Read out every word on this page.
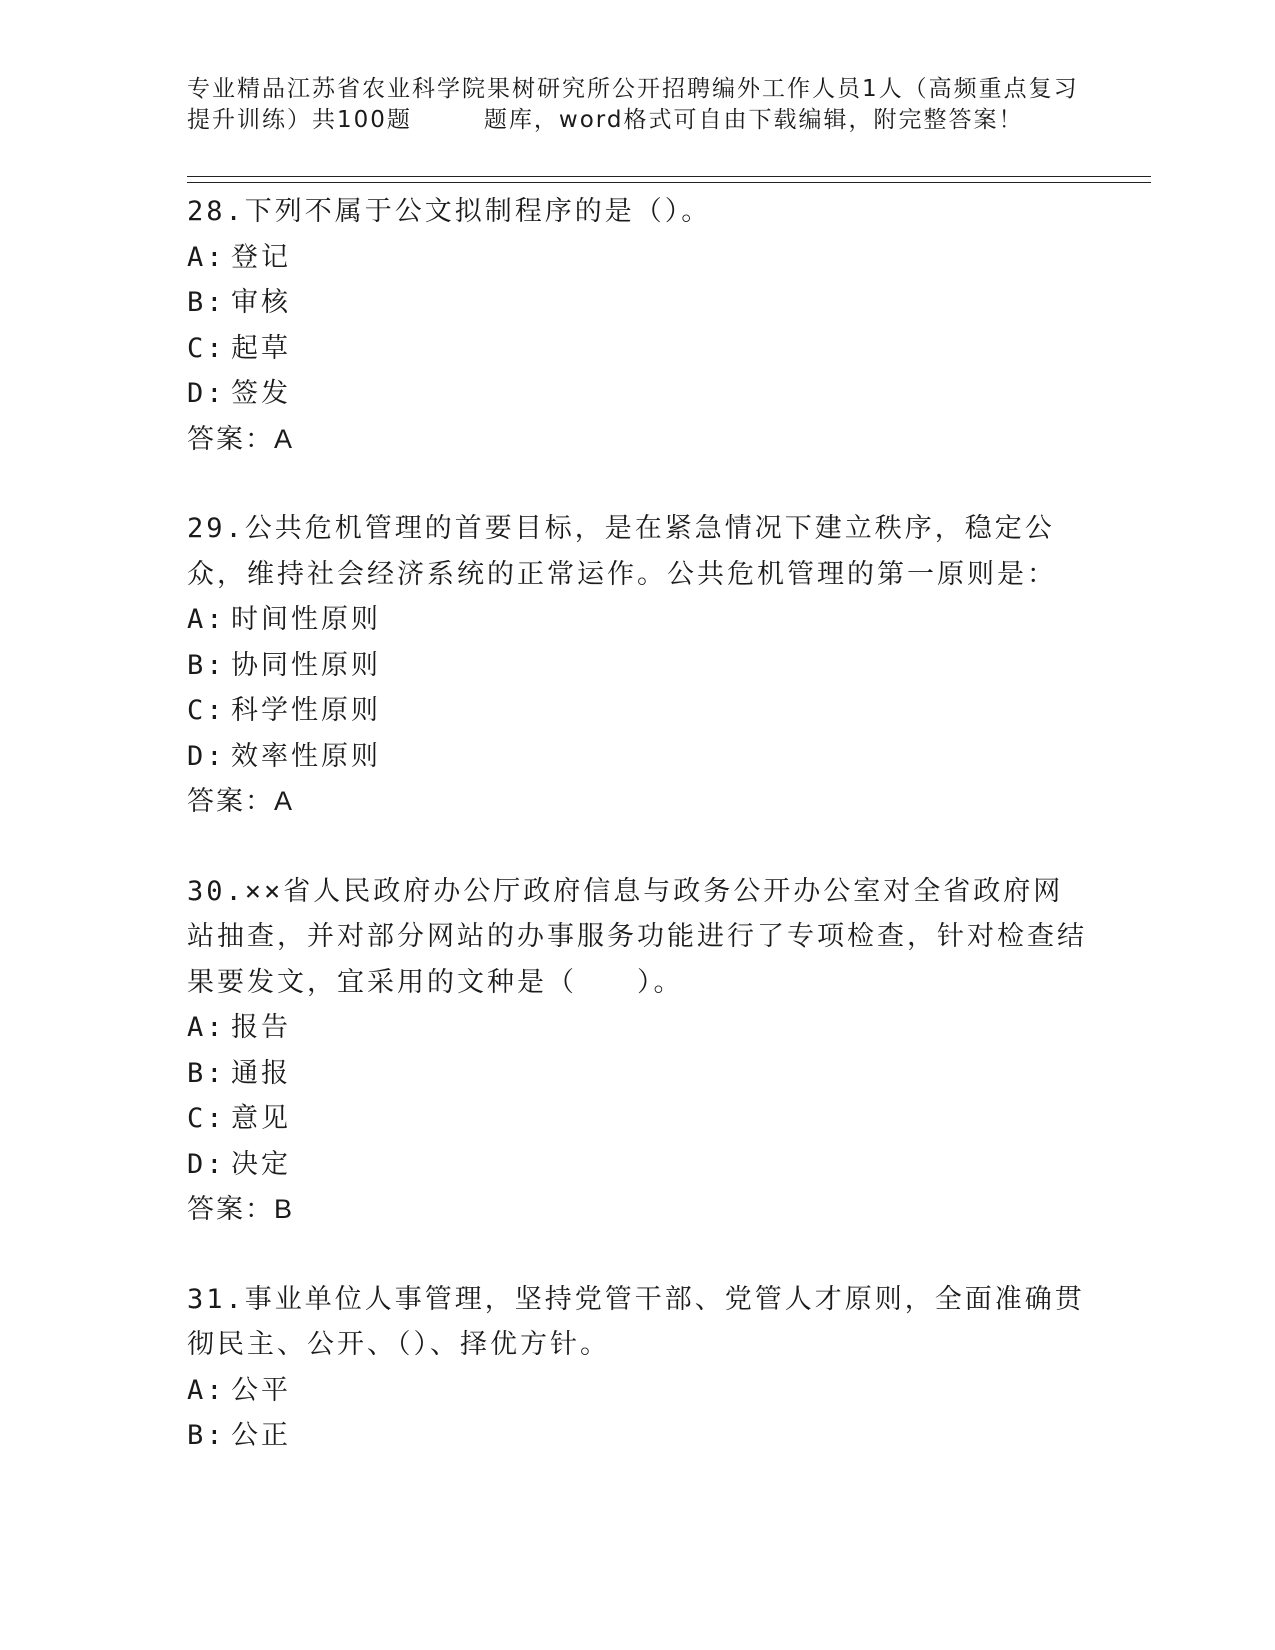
专业精品江苏省农业科学院果树研究所公开招聘编外工作人员1人（高频重点复习
提升训练）共100题	题库，word格式可自由下载编辑，附完整答案！
28.下列不属于公文拟制程序的是（）。
A: 登记
B: 审核
C: 起草
D: 签发
答案：A
29.公共危机管理的首要目标，是在紧急情况下建立秩序，稳定公众，维持社会经济系统的正常运作。公共危机管理的第一原则是：
A: 时间性原则
B: 协同性原则
C: 科学性原则
D: 效率性原则
答案：A
30.××省人民政府办公厅政府信息与政务公开办公室对全省政府网站抽查，并对部分网站的办事服务功能进行了专项检查，针对检查结果要发文，宜采用的文种是（　　）。
A: 报告
B: 通报
C: 意见
D: 决定
答案：B
31.事业单位人事管理，坚持党管干部、党管人才原则，全面准确贯彻民主、公开、（）、择优方针。
A: 公平
B: 公正
